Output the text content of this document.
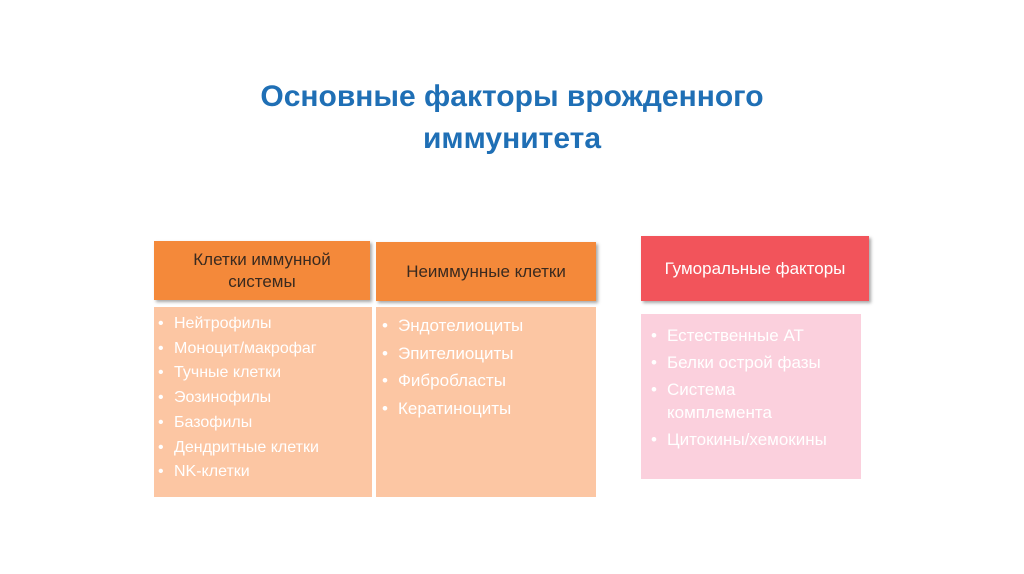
Основные факторы врожденного
иммунитета
Клетки иммунной
системы
Неиммунные клетки
• Нейтрофилы
• Моноцит/макрофаг
• Тучные клетки
• Эозинофилы
• Базофилы
• Дендритные клетки
• NK-клетки
• Эндотелиоциты
• Эпителиоциты
• Фибробласты
• Кератиноциты
Гуморальные факторы
• Естественные АТ
• Белки острой фазы
• Система комплемента
• Цитокины/хемокины
